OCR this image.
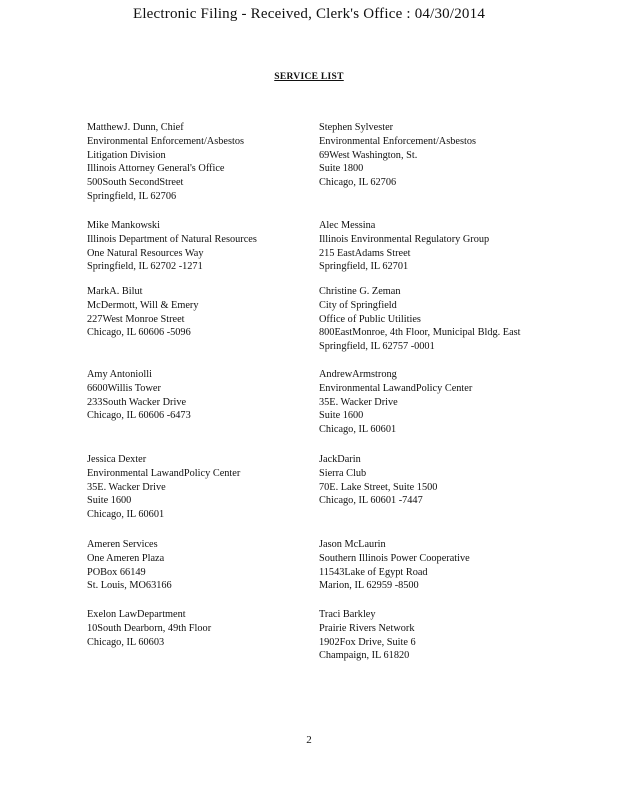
Electronic Filing - Received, Clerk's Office : 04/30/2014
SERVICE LIST
MatthewJ. Dunn, Chief
Environmental Enforcement/Asbestos
Litigation Division
Illinois Attorney General's Office
500South SecondStreet
Springfield, IL 62706
Stephen Sylvester
Environmental Enforcement/Asbestos
69West Washington, St.
Suite 1800
Chicago, IL 62706
Mike Mankowski
Illinois Department of Natural Resources
One Natural Resources Way
Springfield, IL 62702 -1271
Alec Messina
Illinois Environmental Regulatory Group
215 EastAdams Street
Springfield, IL 62701
MarkA. Bilut
McDermott, Will & Emery
227West Monroe Street
Chicago, IL 60606 -5096
Christine G. Zeman
City of Springfield
Office of Public Utilities
800EastMonroe, 4th Floor, Municipal Bldg. East
Springfield, IL 62757 -0001
Amy Antoniolli
6600Willis Tower
233South Wacker Drive
Chicago, IL 60606 -6473
AndrewArmstrong
Environmental LawandPolicy Center
35E. Wacker Drive
Suite 1600
Chicago, IL 60601
Jessica Dexter
Environmental LawandPolicy Center
35E. Wacker Drive
Suite 1600
Chicago, IL 60601
JackDarin
Sierra Club
70E. Lake Street, Suite 1500
Chicago, IL 60601 -7447
Ameren Services
One Ameren Plaza
POBox 66149
St. Louis, MO63166
Jason McLaurin
Southern Illinois Power Cooperative
11543Lake of Egypt Road
Marion, IL 62959 -8500
Exelon LawDepartment
10South Dearborn, 49th Floor
Chicago, IL 60603
Traci Barkley
Prairie Rivers Network
1902Fox Drive, Suite 6
Champaign, IL 61820
2
